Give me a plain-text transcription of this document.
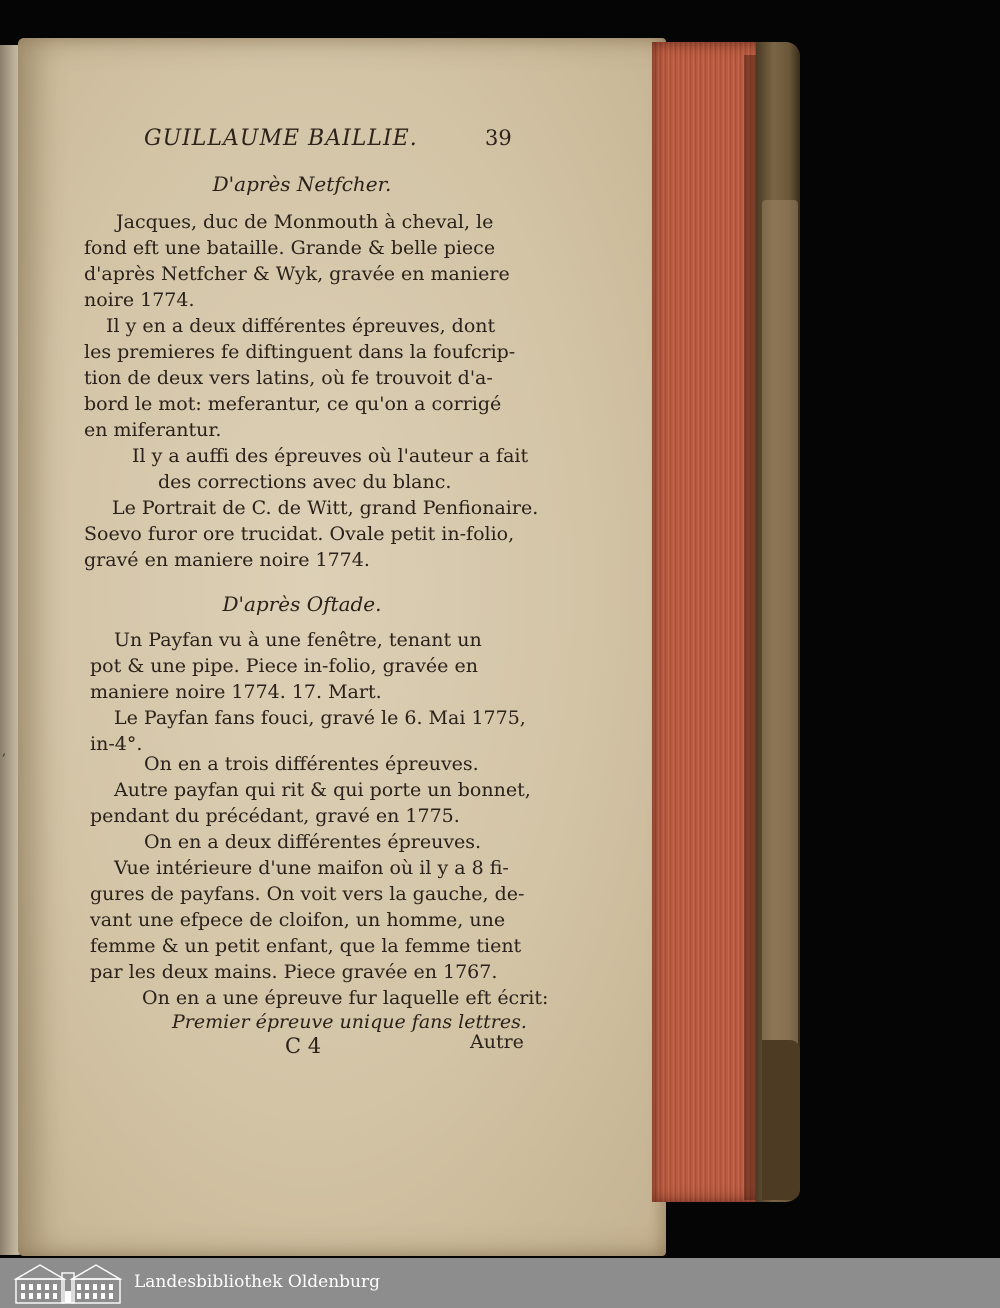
,
GUILLAUME BAILLIE.	39
D'après Netfcher.
Jacques, duc de Monmouth à cheval, le
fond eft une bataille. Grande & belle piece
d'après Netfcher & Wyk, gravée en maniere
noire 1774.
Il y en a deux différentes épreuves, dont
les premieres fe diftinguent dans la foufcrip-
tion de deux vers latins, où fe trouvoit d'a-
bord le mot: meferantur, ce qu'on a corrigé
en miferantur.
Il y a auffi des épreuves où l'auteur a fait
des corrections avec du blanc.
Le Portrait de C. de Witt, grand Penfionaire.
Soevo furor ore trucidat. Ovale petit in-folio,
gravé en maniere noire 1774.
D'après Oftade.
Un Payfan vu à une fenêtre, tenant un
pot & une pipe. Piece in-folio, gravée en
maniere noire 1774. 17. Mart.
Le Payfan fans fouci, gravé le 6. Mai 1775,
in-4°.
On en a trois différentes épreuves.
Autre payfan qui rit & qui porte un bonnet,
pendant du précédant, gravé en 1775.
On en a deux différentes épreuves.
Vue intérieure d'une maifon où il y a 8 fi-
gures de payfans. On voit vers la gauche, de-
vant une efpece de cloifon, un homme, une
femme & un petit enfant, que la femme tient
par les deux mains. Piece gravée en 1767.
On en a une épreuve fur laquelle eft écrit:
Premier épreuve unique fans lettres.
C 4	Autre
Landesbibliothek Oldenburg
